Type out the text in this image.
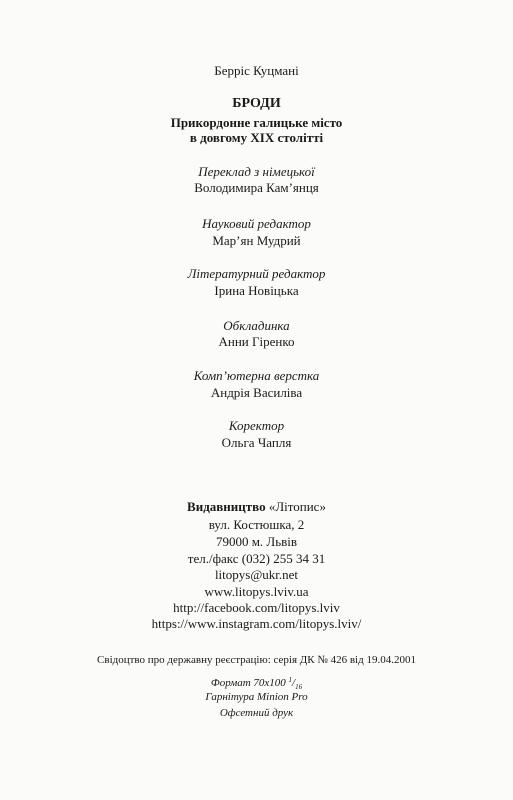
Берріс Куцмані
БРОДИ
Прикордонне галицьке місто
в довгому XIX столітті
Переклад з німецької
Володимира Кам’янця
Науковий редактор
Мар’ян Мудрий
Літературний редактор
Ірина Новіцька
Обкладинка
Анни Гіренко
Комп’ютерна верстка
Андрія Василіва
Коректор
Ольга Чапля
Видавництво «Літопис»
вул. Костюшка, 2
79000 м. Львів
тел./факс (032) 255 34 31
litopys@ukr.net
www.litopys.lviv.ua
http://facebook.com/litopys.lviv
https://www.instagram.com/litopys.lviv/
Свідоцтво про державну реєстрацію: серія ДК № 426 від 19.04.2001
Формат 70х100 $^1/_{16}$
Гарнітура Minion Pro
Офсетний друк
